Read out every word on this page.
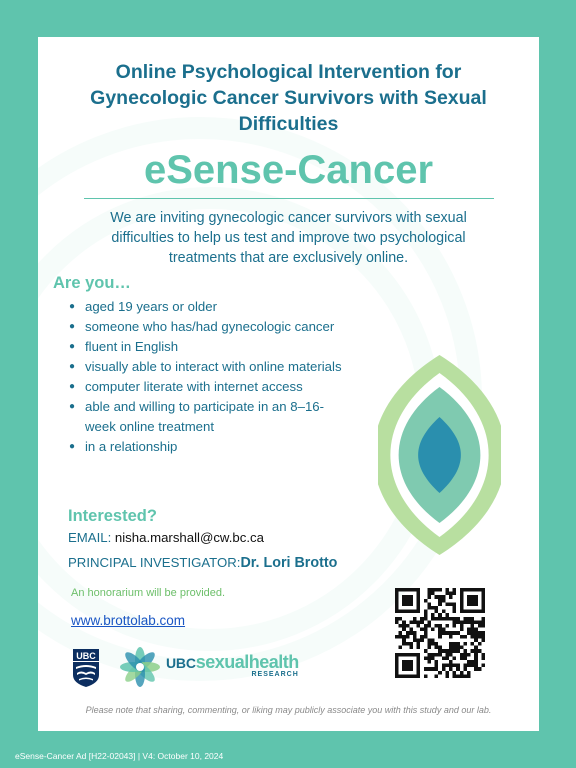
Online Psychological Intervention for Gynecologic Cancer Survivors with Sexual Difficulties
eSense-Cancer
We are inviting gynecologic cancer survivors with sexual difficulties to help us test and improve two psychological treatments that are exclusively online.
Are you…
● aged 19 years or older
● someone who has/had gynecologic cancer
● fluent in English
● visually able to interact with online materials
● computer literate with internet access
● able and willing to participate in an 8–16-week online treatment
● in a relationship
Interested?
EMAIL: nisha.marshall@cw.bc.ca
PRINCIPAL INVESTIGATOR:Dr. Lori Brotto
An honorarium will be provided.
www.brottolab.com
UBC	UBCsexualhealth
RESEARCH
Please note that sharing, commenting, or liking may publicly associate you with this study and our lab.
eSense-Cancer Ad [H22-02043] | V4: October 10, 2024
